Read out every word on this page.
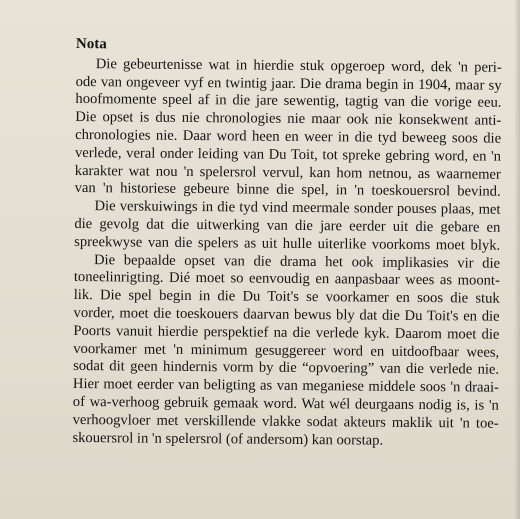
Nota

Die gebeurtenisse wat in hierdie stuk opgeroep word, dek 'n peri-
ode van ongeveer vyf en twintig jaar. Die drama begin in 1904, maar sy
hoofmomente speel af in die jare sewentig, tagtig van die vorige eeu.
Die opset is dus nie chronologies nie maar ook nie konsekwent anti-
chronologies nie. Daar word heen en weer in die tyd beweeg soos die
verlede, veral onder leiding van Du Toit, tot spreke gebring word, en 'n
karakter wat nou 'n spelersrol vervul, kan hom netnou, as waarnemer
van 'n historiese gebeure binne die spel, in 'n toeskouersrol bevind.

Die verskuiwings in die tyd vind meermale sonder pouses plaas, met
die gevolg dat die uitwerking van die jare eerder uit die gebare en
spreekwyse van die spelers as uit hulle uiterlike voorkoms moet blyk.

Die bepaalde opset van die drama het ook implikasies vir die
toneelinrigting. Dié moet so eenvoudig en aanpasbaar wees as moont-
lik. Die spel begin in die Du Toit's se voorkamer en soos die stuk
vorder, moet die toeskouers daarvan bewus bly dat die Du Toit's en die
Poorts vanuit hierdie perspektief na die verlede kyk. Daarom moet die
voorkamer met 'n minimum gesuggereer word en uitdoofbaar wees,
sodat dit geen hindernis vorm by die “opvoering” van die verlede nie.
Hier moet eerder van beligting as van meganiese middele soos 'n draai-
of wa-verhoog gebruik gemaak word. Wat wél deurgaans nodig is, is 'n
verhoogvloer met verskillende vlakke sodat akteurs maklik uit 'n toe-
skouersrol in 'n spelersrol (of andersom) kan oorstap.
